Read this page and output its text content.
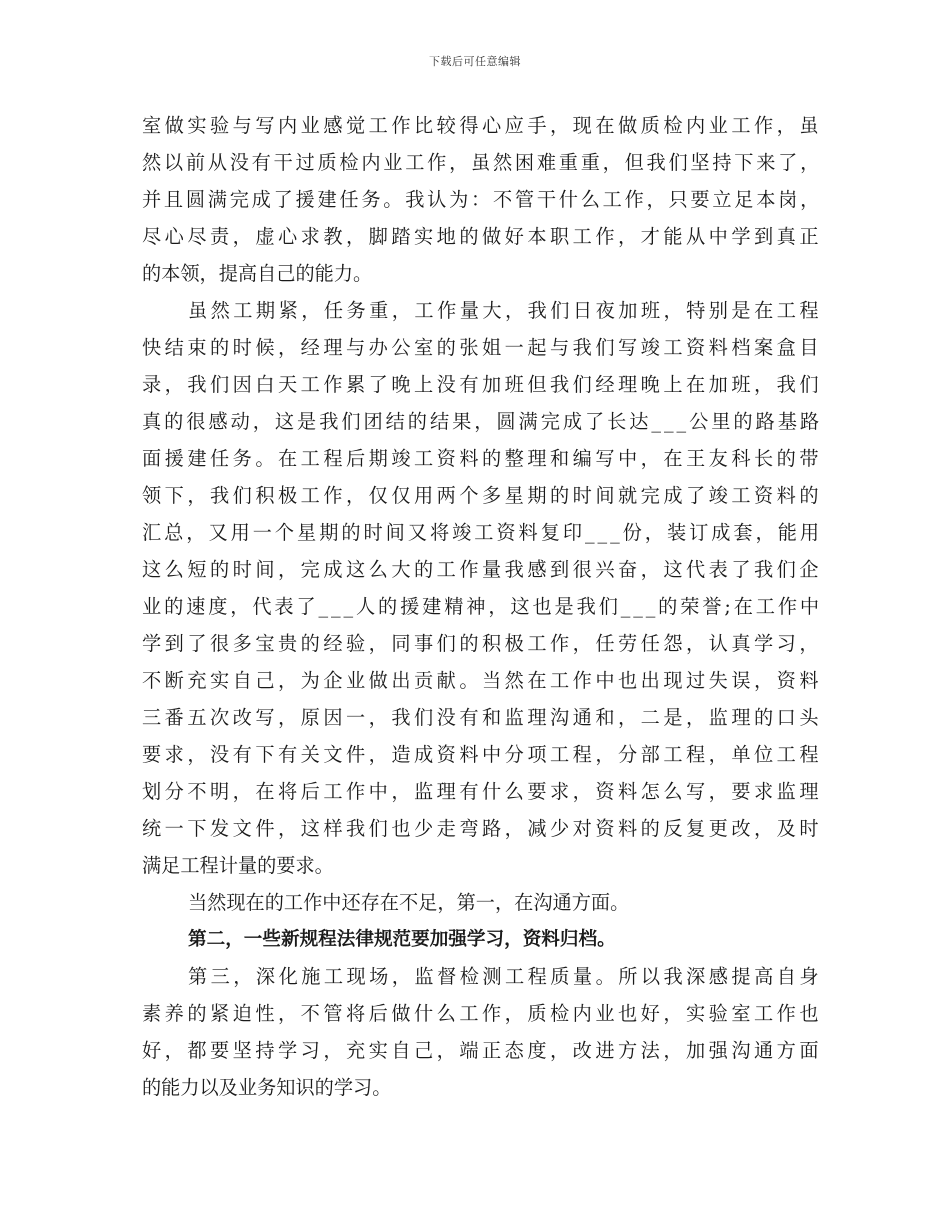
下载后可任意编辑
室做实验与写内业感觉工作比较得心应手，现在做质检内业工作，虽
然以前从没有干过质检内业工作，虽然困难重重，但我们坚持下来了，
并且圆满完成了援建任务。我认为：不管干什么工作，只要立足本岗，
尽心尽责，虚心求教，脚踏实地的做好本职工作，才能从中学到真正
的本领，提高自己的能力。
虽然工期紧，任务重，工作量大，我们日夜加班，特别是在工程
快结束的时候，经理与办公室的张姐一起与我们写竣工资料档案盒目
录，我们因白天工作累了晚上没有加班但我们经理晚上在加班，我们
真的很感动，这是我们团结的结果，圆满完成了长达___公里的路基路
面援建任务。在工程后期竣工资料的整理和编写中，在王友科长的带
领下，我们积极工作，仅仅用两个多星期的时间就完成了竣工资料的
汇总，又用一个星期的时间又将竣工资料复印___份，装订成套，能用
这么短的时间，完成这么大的工作量我感到很兴奋，这代表了我们企
业的速度，代表了___人的援建精神，这也是我们___的荣誉;在工作中
学到了很多宝贵的经验，同事们的积极工作，任劳任怨，认真学习，
不断充实自己，为企业做出贡献。当然在工作中也出现过失误，资料
三番五次改写，原因一，我们没有和监理沟通和，二是，监理的口头
要求，没有下有关文件，造成资料中分项工程，分部工程，单位工程
划分不明，在将后工作中，监理有什么要求，资料怎么写，要求监理
统一下发文件，这样我们也少走弯路，减少对资料的反复更改，及时
满足工程计量的要求。
当然现在的工作中还存在不足，第一，在沟通方面。
第二，一些新规程法律规范要加强学习，资料归档。
第三，深化施工现场，监督检测工程质量。所以我深感提高自身
素养的紧迫性，不管将后做什么工作，质检内业也好，实验室工作也
好，都要坚持学习，充实自己，端正态度，改进方法，加强沟通方面
的能力以及业务知识的学习。
